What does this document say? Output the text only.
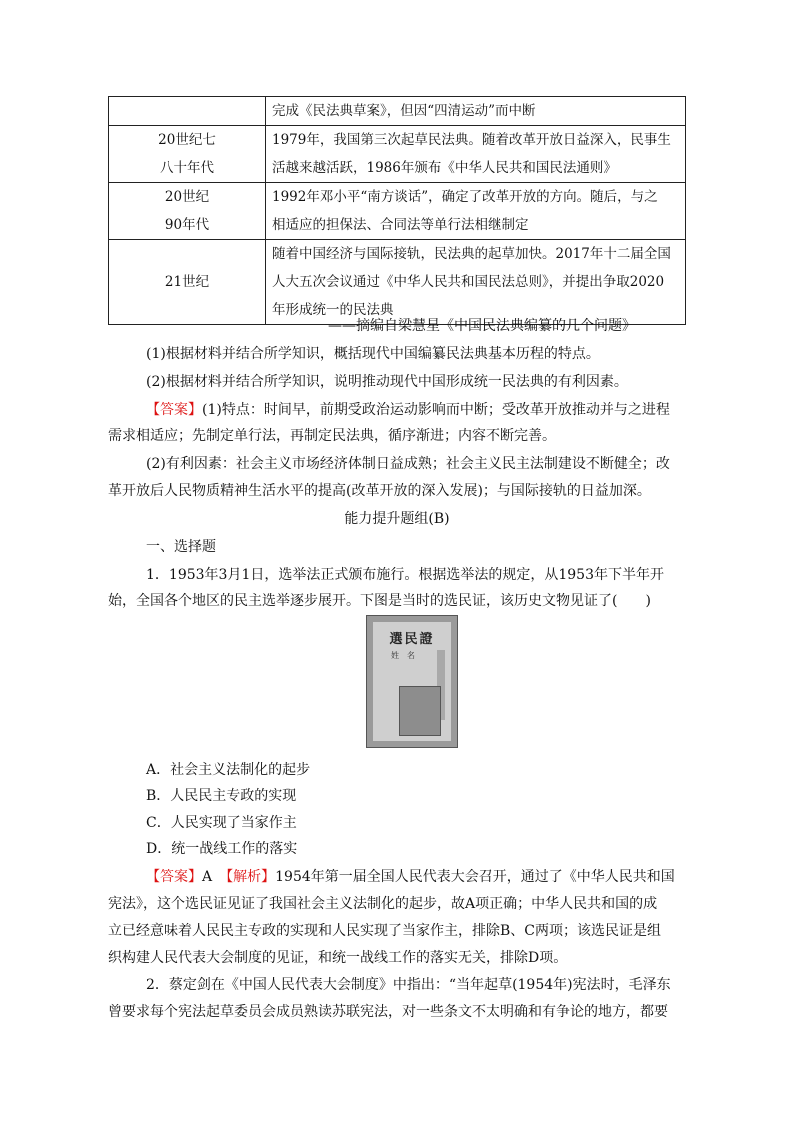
	完成《民法典草案》，但因“四清运动”而中断
20世纪七
八十年代	1979年，我国第三次起草民法典。随着改革开放日益深入，民事生
活越来越活跃，1986年颁布《中华人民共和国民法通则》
20世纪
90年代	1992年邓小平“南方谈话”，确定了改革开放的方向。随后，与之
相适应的担保法、合同法等单行法相继制定
21世纪	随着中国经济与国际接轨，民法典的起草加快。2017年十二届全国
人大五次会议通过《中华人民共和国民法总则》，并提出争取2020
年形成统一的民法典
——摘编自梁慧星《中国民法典编纂的几个问题》
(1)根据材料并结合所学知识，概括现代中国编纂民法典基本历程的特点。
(2)根据材料并结合所学知识，说明推动现代中国形成统一民法典的有利因素。
【答案】(1)特点：时间早，前期受政治运动影响而中断；受改革开放推动并与之进程
需求相适应；先制定单行法，再制定民法典，循序渐进；内容不断完善。
(2)有利因素：社会主义市场经济体制日益成熟；社会主义民主法制建设不断健全；改
革开放后人民物质精神生活水平的提高(改革开放的深入发展)；与国际接轨的日益加深。
能力提升题组(B)
一、选择题
1．1953年3月1日，选举法正式颁布施行。根据选举法的规定，从1953年下半年开
始，全国各个地区的民主选举逐步展开。下图是当时的选民证，该历史文物见证了(　　)
選民證
姓　名
A．社会主义法制化的起步
B．人民民主专政的实现
C．人民实现了当家作主
D．统一战线工作的落实
【答案】A　 【解析】1954年第一届全国人民代表大会召开，通过了《中华人民共和国
宪法》，这个选民证见证了我国社会主义法制化的起步，故A项正确；中华人民共和国的成
立已经意味着人民民主专政的实现和人民实现了当家作主，排除B、C两项；该选民证是组
织构建人民代表大会制度的见证，和统一战线工作的落实无关，排除D项。
2．蔡定剑在《中国人民代表大会制度》中指出：“当年起草(1954年)宪法时，毛泽东
曾要求每个宪法起草委员会成员熟读苏联宪法，对一些条文不太明确和有争论的地方，都要
